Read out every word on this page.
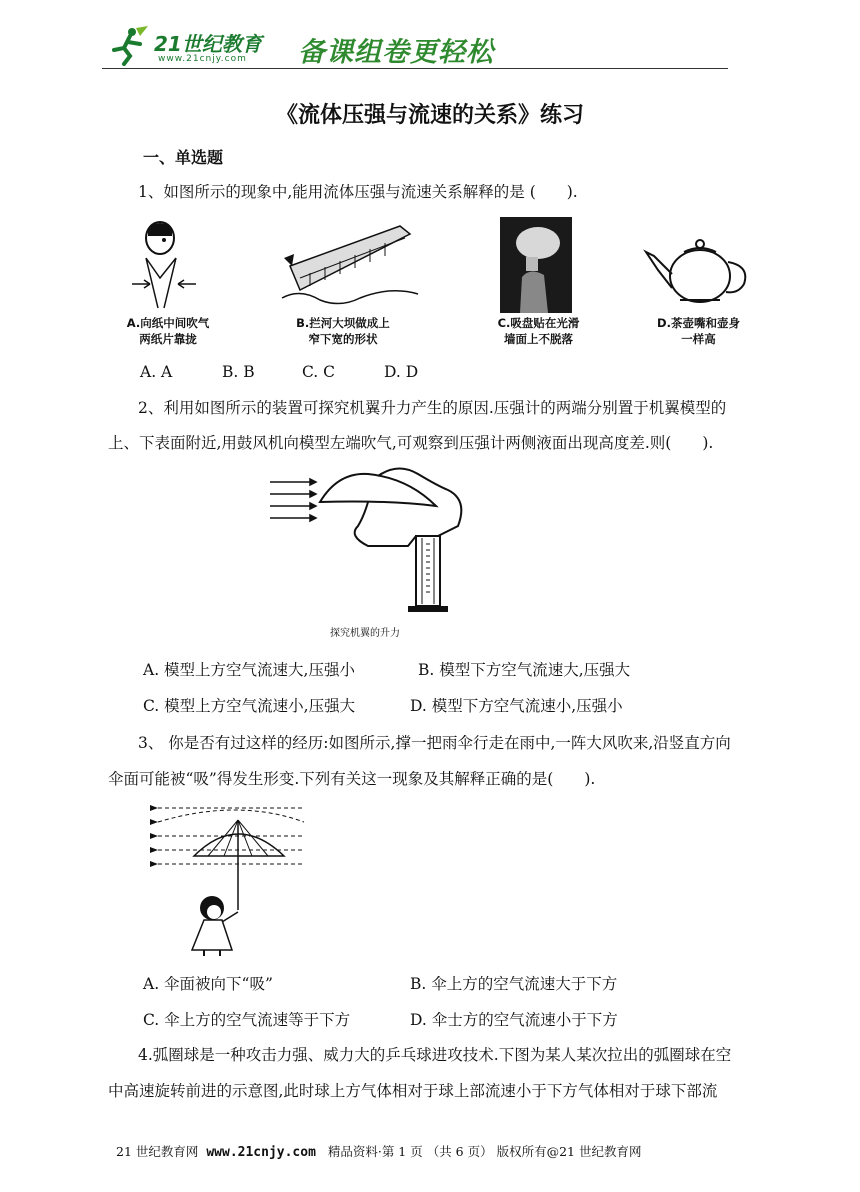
21世纪教育
www.21cnjy.com 备课组卷更轻松
《流体压强与流速的关系》练习
一、单选题
1、如图所示的现象中,能用流体压强与流速关系解释的是 (　　).
A.向纸中间吹气
两纸片靠拢
B.拦河大坝做成上
窄下宽的形状
C.吸盘贴在光滑
墙面上不脱落
D.茶壶嘴和壶身
一样高
A. A	B. B	C. C	D. D
2、利用如图所示的装置可探究机翼升力产生的原因.压强计的两端分别置于机翼模型的
上、下表面附近,用鼓风机向模型左端吹气,可观察到压强计两侧液面出现高度差.则(　　).
探究机翼的升力
A. 模型上方空气流速大,压强小	B. 模型下方空气流速大,压强大
C. 模型上方空气流速小,压强大	D. 模型下方空气流速小,压强小
3、 你是否有过这样的经历:如图所示,撑一把雨伞行走在雨中,一阵大风吹来,沿竖直方向
伞面可能被“吸”得发生形变.下列有关这一现象及其解释正确的是(　　).
A. 伞面被向下“吸”	B. 伞上方的空气流速大于下方
C. 伞上方的空气流速等于下方	D. 伞士方的空气流速小于下方
4.弧圈球是一种攻击力强、威力大的乒乓球进攻技术.下图为某人某次拉出的弧圈球在空
中高速旋转前进的示意图,此时球上方气体相对于球上部流速小于下方气体相对于球下部流
21 世纪教育网 www.21cnjy.com 精品资料·第 1 页 （共 6 页） 版权所有@21 世纪教育网
